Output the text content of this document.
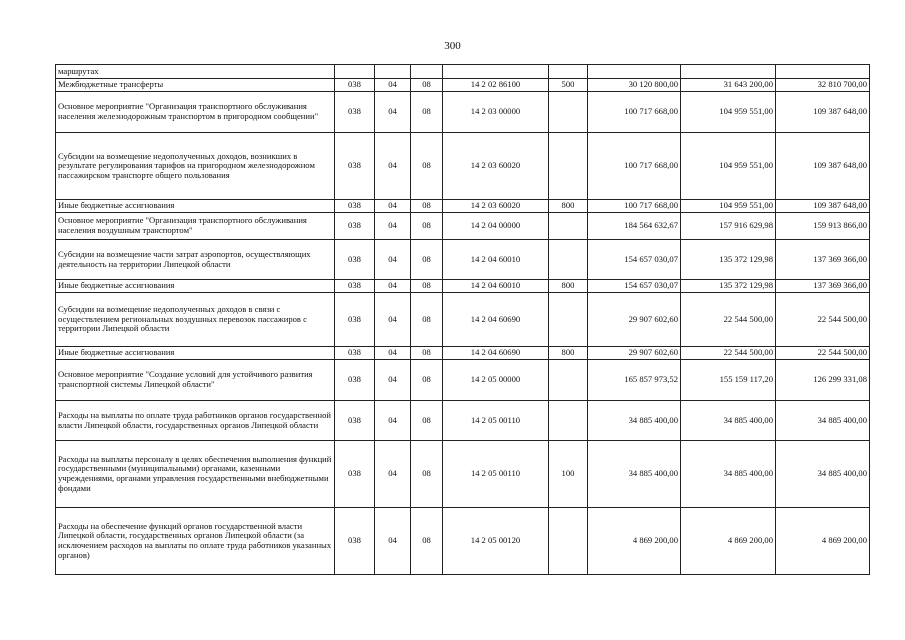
300
маршрутах								
Межбюджетные трансферты	038	04	08	14 2 02 86100	500	30 120 800,00	31 643 200,00	32 810 700,00
Основное мероприятие "Организация транспортного обслуживания населения железнодорожным транспортом в пригородном сообщении"	038	04	08	14 2 03 00000		100 717 668,00	104 959 551,00	109 387 648,00
Субсидии на возмещение недополученных доходов, возникших в результате регулирования тарифов на пригородном железнодорожном пассажирском транспорте общего пользования	038	04	08	14 2 03 60020		100 717 668,00	104 959 551,00	109 387 648,00
Иные бюджетные ассигнования	038	04	08	14 2 03 60020	800	100 717 668,00	104 959 551,00	109 387 648,00
Основное мероприятие "Организация транспортного обслуживания населения воздушным транспортом"	038	04	08	14 2 04 00000		184 564 632,67	157 916 629,98	159 913 866,00
Субсидии на возмещение части затрат аэропортов, осуществляющих деятельность на территории Липецкой области	038	04	08	14 2 04 60010		154 657 030,07	135 372 129,98	137 369 366,00
Иные бюджетные ассигнования	038	04	08	14 2 04 60010	800	154 657 030,07	135 372 129,98	137 369 366,00
Субсидии на возмещение недополученных доходов в связи с осуществлением региональных воздушных перевозок пассажиров с территории Липецкой области	038	04	08	14 2 04 60690		29 907 602,60	22 544 500,00	22 544 500,00
Иные бюджетные ассигнования	038	04	08	14 2 04 60690	800	29 907 602,60	22 544 500,00	22 544 500,00
Основное мероприятие "Создание условий для устойчивого развития транспортной системы Липецкой области"	038	04	08	14 2 05 00000		165 857 973,52	155 159 117,20	126 299 331,08
Расходы на выплаты по оплате труда работников органов государственной власти Липецкой области, государственных органов Липецкой области	038	04	08	14 2 05 00110		34 885 400,00	34 885 400,00	34 885 400,00
Расходы на выплаты персоналу в целях обеспечения выполнения функций государственными (муниципальными) органами, казенными учреждениями, органами управления государственными внебюджетными фондами	038	04	08	14 2 05 00110	100	34 885 400,00	34 885 400,00	34 885 400,00
Расходы на обеспечение функций органов государственной власти Липецкой области, государственных органов Липецкой области (за исключением расходов на выплаты по оплате труда работников указанных органов)	038	04	08	14 2 05 00120		4 869 200,00	4 869 200,00	4 869 200,00
